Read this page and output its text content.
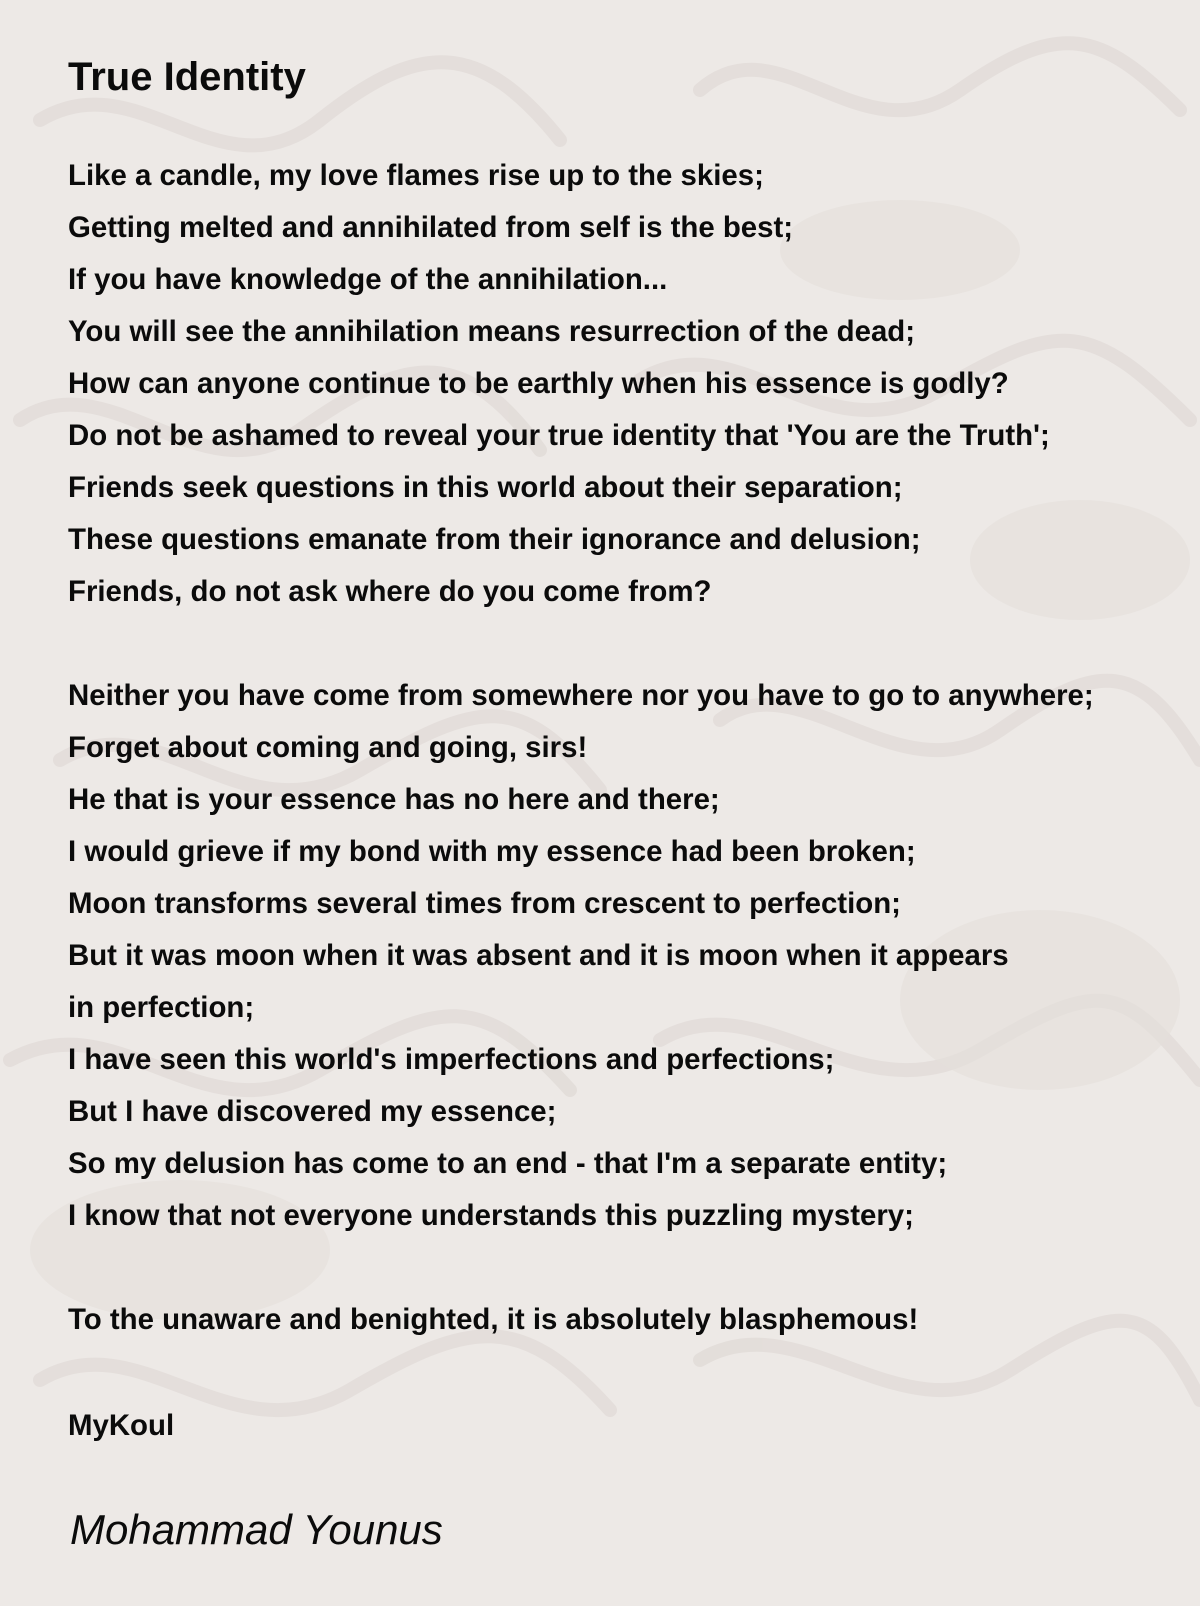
True Identity
Like a candle, my love flames rise up to the skies;
Getting melted and annihilated from self is the best;
If you have knowledge of the annihilation...
You will see the annihilation means resurrection of the dead;
How can anyone continue to be earthly when his essence is godly?
Do not be ashamed to reveal your true identity that 'You are the Truth';
Friends seek questions in this world about their separation;
These questions emanate from their ignorance and delusion;
Friends, do not ask where do you come from?
Neither you have come from somewhere nor you have to go to anywhere;
Forget about coming and going, sirs!
He that is your essence has no here and there;
I would grieve if my bond with my essence had been broken;
Moon transforms several times from crescent to perfection;
But it was moon when it was absent and it is moon when it appears
in perfection;
I have seen this world's imperfections and perfections;
But I have discovered my essence;
So my delusion has come to an end - that I'm a separate entity;
I know that not everyone understands this puzzling mystery;
To the unaware and benighted, it is absolutely blasphemous!
MyKoul
Mohammad Younus
